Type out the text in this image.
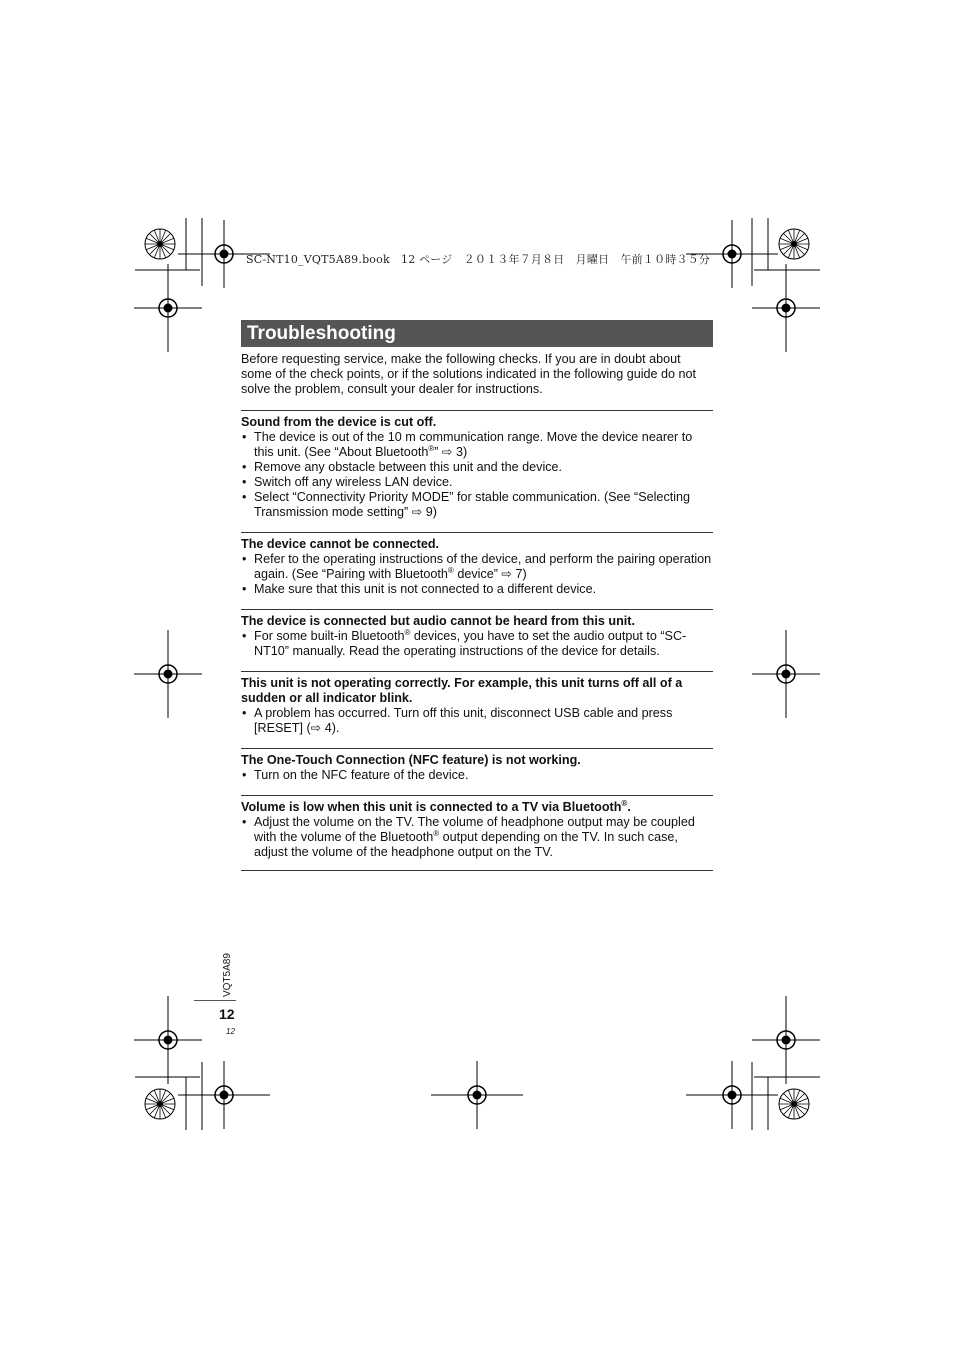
SC-NT10_VQT5A89.book　12 ページ　２０１３年７月８日　月曜日　午前１０時３５分
Troubleshooting

Before requesting service, make the following checks. If you are in doubt about some of the check points, or if the solutions indicated in the following guide do not solve the problem, consult your dealer for instructions.

Sound from the device is cut off.
• The device is out of the 10 m communication range. Move the device nearer to this unit. (See “About Bluetooth®” ⇨ 3)
• Remove any obstacle between this unit and the device.
• Switch off any wireless LAN device.
• Select “Connectivity Priority MODE” for stable communication. (See “Selecting Transmission mode setting” ⇨ 9)
The device cannot be connected.
• Refer to the operating instructions of the device, and perform the pairing operation again. (See “Pairing with Bluetooth® device” ⇨ 7)
• Make sure that this unit is not connected to a different device.
The device is connected but audio cannot be heard from this unit.
• For some built-in Bluetooth® devices, you have to set the audio output to “SC-NT10” manually. Read the operating instructions of the device for details.
This unit is not operating correctly. For example, this unit turns off all of a sudden or all indicator blink.
• A problem has occurred. Turn off this unit, disconnect USB cable and press [RESET] (⇨ 4).
The One-Touch Connection (NFC feature) is not working.
• Turn on the NFC feature of the device.
Volume is low when this unit is connected to a TV via Bluetooth®.
• Adjust the volume on the TV. The volume of headphone output may be coupled with the volume of the Bluetooth® output depending on the TV. In such case, adjust the volume of the headphone output on the TV.
VQT5A89
12
12
